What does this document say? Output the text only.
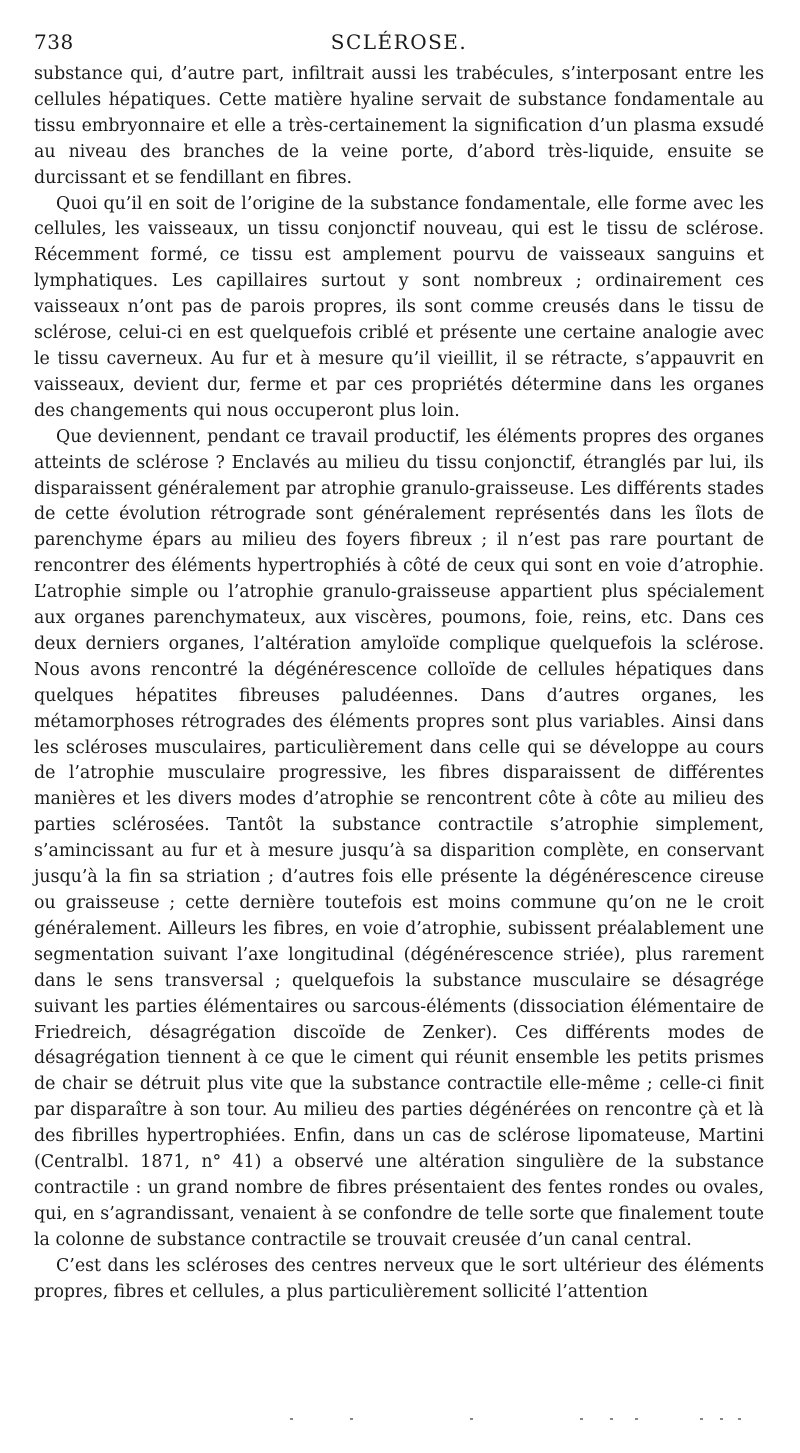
738	SCLÉROSE.

substance qui, d’autre part, infiltrait aussi les trabécules, s’interposant entre les cellules hépatiques. Cette matière hyaline servait de substance fondamentale au tissu embryonnaire et elle a très-certainement la signification d’un plasma exsudé au niveau des branches de la veine porte, d’abord très-liquide, ensuite se durcissant et se fendillant en fibres.

Quoi qu’il en soit de l’origine de la substance fondamentale, elle forme avec les cellules, les vaisseaux, un tissu conjonctif nouveau, qui est le tissu de sclérose. Récemment formé, ce tissu est amplement pourvu de vaisseaux sanguins et lymphatiques. Les capillaires surtout y sont nombreux ; ordinairement ces vaisseaux n’ont pas de parois propres, ils sont comme creusés dans le tissu de sclérose, celui-ci en est quelquefois criblé et présente une certaine analogie avec le tissu caverneux. Au fur et à mesure qu’il vieillit, il se rétracte, s’appauvrit en vaisseaux, devient dur, ferme et par ces propriétés détermine dans les organes des changements qui nous occuperont plus loin.

Que deviennent, pendant ce travail productif, les éléments propres des organes atteints de sclérose ? Enclavés au milieu du tissu conjonctif, étranglés par lui, ils disparaissent généralement par atrophie granulo-graisseuse. Les différents stades de cette évolution rétrograde sont généralement représentés dans les îlots de parenchyme épars au milieu des foyers fibreux ; il n’est pas rare pourtant de rencontrer des éléments hypertrophiés à côté de ceux qui sont en voie d’atrophie. L’atrophie simple ou l’atrophie granulo-graisseuse appartient plus spécialement aux organes parenchymateux, aux viscères, poumons, foie, reins, etc. Dans ces deux derniers organes, l’altération amyloïde complique quelquefois la sclérose. Nous avons rencontré la dégénérescence colloïde de cellules hépatiques dans quelques hépatites fibreuses paludéennes. Dans d’autres organes, les métamorphoses rétrogrades des éléments propres sont plus variables. Ainsi dans les scléroses musculaires, particulièrement dans celle qui se développe au cours de l’atrophie musculaire progressive, les fibres disparaissent de différentes manières et les divers modes d’atrophie se rencontrent côte à côte au milieu des parties sclérosées. Tantôt la substance contractile s’atrophie simplement, s’amincissant au fur et à mesure jusqu’à sa disparition complète, en conservant jusqu’à la fin sa striation ; d’autres fois elle présente la dégénérescence cireuse ou graisseuse ; cette dernière toutefois est moins commune qu’on ne le croit généralement. Ailleurs les fibres, en voie d’atrophie, subissent préalablement une segmentation suivant l’axe longitudinal (dégénérescence striée), plus rarement dans le sens transversal ; quelquefois la substance musculaire se désagrége suivant les parties élémentaires ou sarcous-éléments (dissociation élémentaire de Friedreich, désagrégation discoïde de Zenker). Ces différents modes de désagrégation tiennent à ce que le ciment qui réunit ensemble les petits prismes de chair se détruit plus vite que la substance contractile elle-même ; celle-ci finit par disparaître à son tour. Au milieu des parties dégénérées on rencontre çà et là des fibrilles hypertrophiées. Enfin, dans un cas de sclérose lipomateuse, Martini (Centralbl. 1871, n° 41) a observé une altération singulière de la substance contractile : un grand nombre de fibres présentaient des fentes rondes ou ovales, qui, en s’agrandissant, venaient à se confondre de telle sorte que finalement toute la colonne de substance contractile se trouvait creusée d’un canal central.

C’est dans les scléroses des centres nerveux que le sort ultérieur des éléments propres, fibres et cellules, a plus particulièrement sollicité l’attention
